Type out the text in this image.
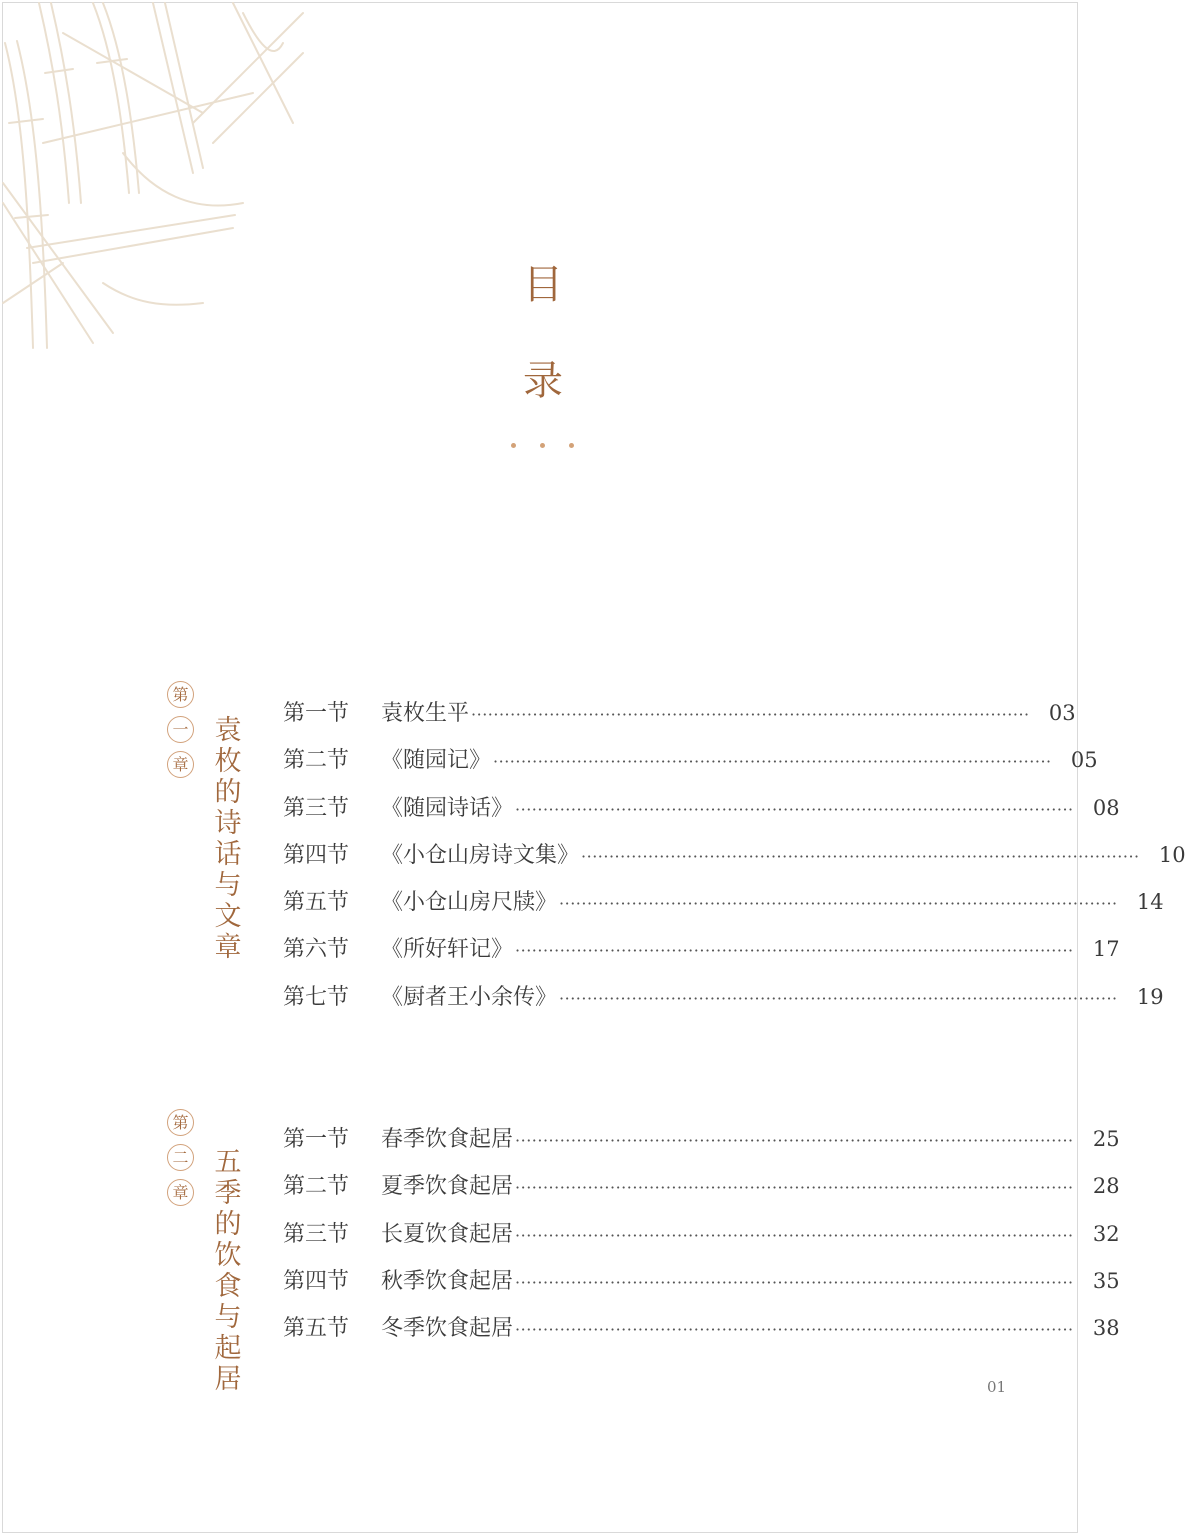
目
录
第
一
章
袁
枚
的
诗
话
与
文
章
第一节	袁枚生平 ···································································································· 03
第二节	《随园记》 ···································································································· 05
第三节	《随园诗话》 ···································································································· 08
第四节	《小仓山房诗文集》 ···································································································· 10
第五节	《小仓山房尺牍》 ···································································································· 14
第六节	《所好轩记》 ···································································································· 17
第七节	《厨者王小余传》 ···································································································· 19
第
二
章
五
季
的
饮
食
与
起
居
第一节	春季饮食起居 ···································································································· 25
第二节	夏季饮食起居 ···································································································· 28
第三节	长夏饮食起居 ···································································································· 32
第四节	秋季饮食起居 ···································································································· 35
第五节	冬季饮食起居 ···································································································· 38
01
